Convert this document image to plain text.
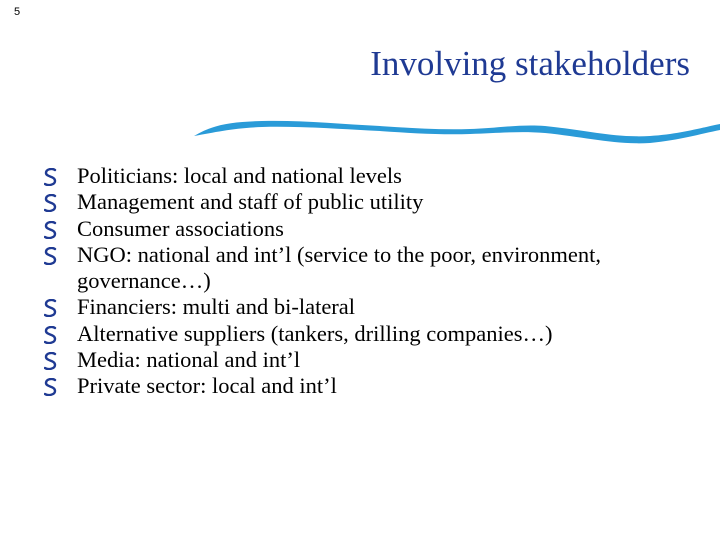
5
Involving stakeholders
Politicians: local and national levels
Management and staff of public utility
Consumer associations
NGO: national and int’l (service to the poor, environment, governance…)
Financiers: multi and bi-lateral
Alternative suppliers (tankers, drilling companies…)
Media: national and int’l
Private sector: local and int’l
